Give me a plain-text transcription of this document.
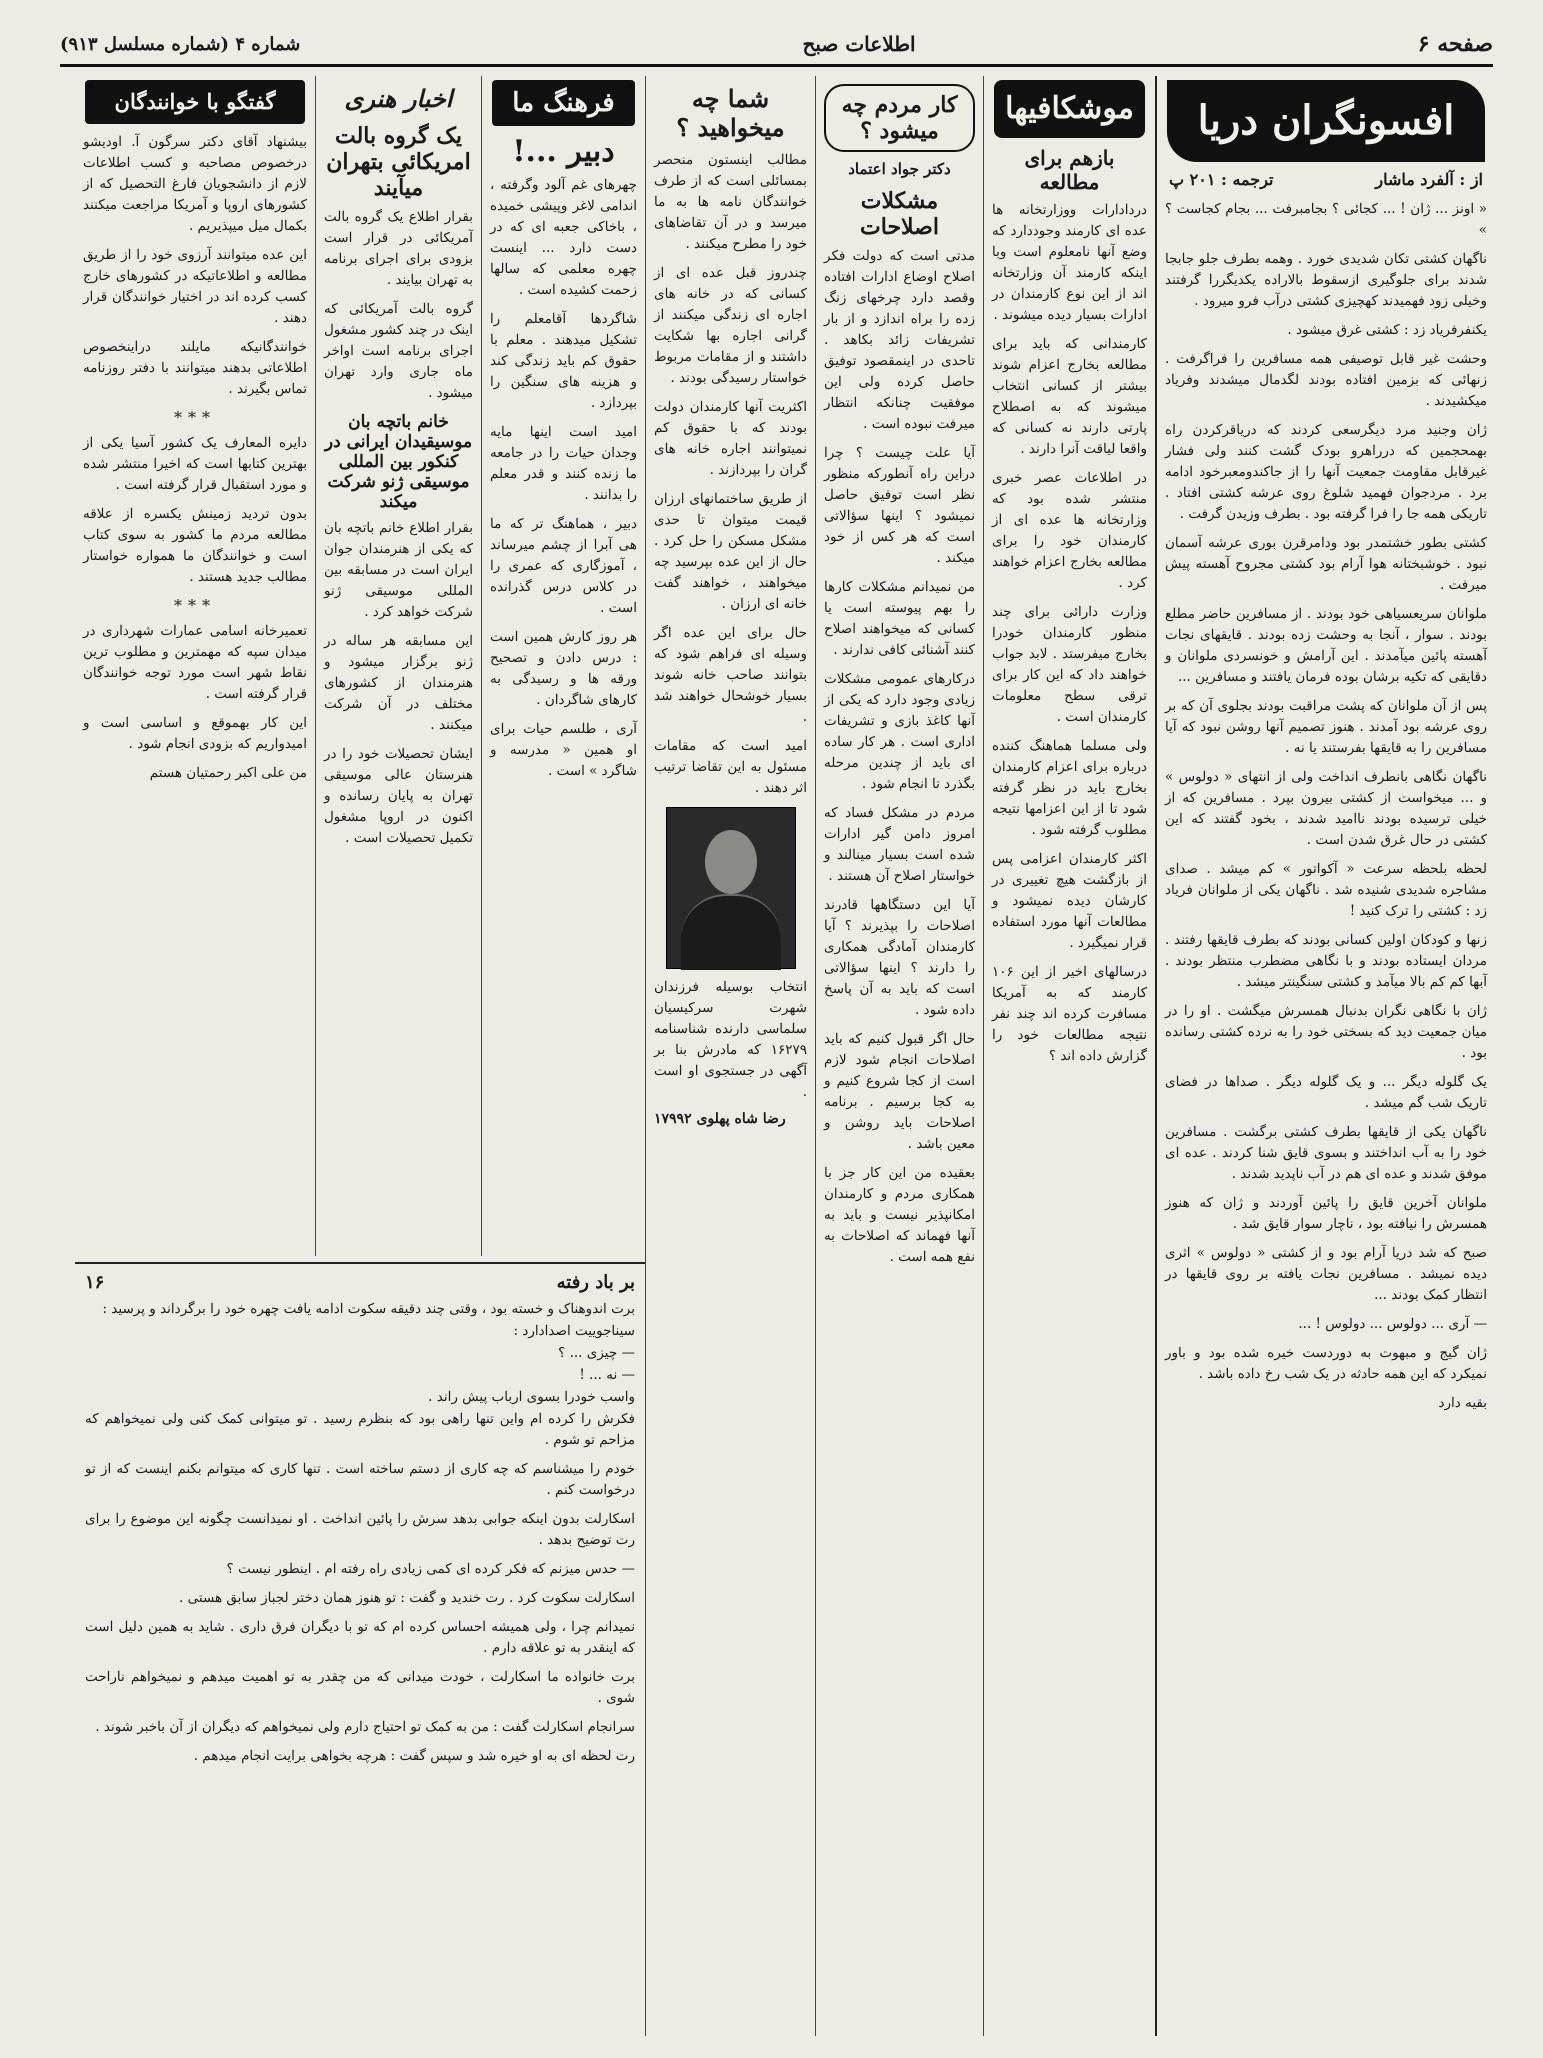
صفحه ۶
اطلاعات صبح
شماره ۴ (شماره مسلسل ۹۱۳)
افسونگران دریا
از : آلفرد ماشار
ترجمه : ۲۰۱ پ

« اونز ... ژان ! ... کجائی ؟ بجامبرفت ... بجام کجاست ؟ »

ناگهان کشتی تکان شدیدی خورد . وهمه بطرف جلو جابجا شدند برای جلوگیری ازسقوط بالاراده یکدیگررا گرفتند وخیلی زود فهمیدند کهچیزی کشتی درآب فرو میرود .

یکنفرفریاد زد : کشتی غرق میشود .

وحشت غیر قابل توصیفی همه مسافرین را فراگرفت . زنهائی که بزمین افتاده بودند لگدمال میشدند وفریاد میکشیدند .

ژان وجنید مرد دیگرسعی کردند که دریاقرکردن راه بهمحجمین که درراهرو بودک گشت کنند ولی فشار غیرقابل مقاومت جمعیت آنها را از جاکندومعبرخود ادامه برد . مردجوان فهمید شلوغ روی عرشه کشتی افتاد . تاریکی همه جا را فرا گرفته بود . بطرف وزیدن گرفت .

کشتی بطور خشتمدر بود ودامرقرن بوری عرشه آسمان نبود . خوشبختانه هوا آرام بود کشتی مجروح آهسته پیش میرفت .

ملوانان سریعسیاهی خود بودند . از مسافرین حاضر مطلع بودند . سوار ، آنجا به وحشت زده بودند . قایقهای نجات آهسته پائین میآمدند . این آرامش و خونسردی ملوانان و دقایقی که تکیه برشان بوده فرمان یافتند و مسافرین ...

پس از آن ملوانان که پشت مراقبت بودند بجلوی آن که بر روی عرشه بود آمدند . هنوز تصمیم آنها روشن نبود که آیا مسافرین را به قایقها بفرستند یا نه .

ناگهان نگاهی بانطرف انداخت ولی از انتهای « دولوس » و ... میخواست از کشتی بیرون بپرد . مسافرین که از خیلی ترسیده بودند ناامید شدند ، بخود گفتند که این کشتی در حال غرق شدن است .

لحظه بلحظه سرعت « آکواتور » کم میشد . صدای مشاجره شدیدی شنیده شد . ناگهان یکی از ملوانان فریاد زد : کشتی را ترک کنید !

زنها و کودکان اولین کسانی بودند که بطرف قایقها رفتند . مردان ایستاده بودند و با نگاهی مضطرب منتظر بودند . آبها کم کم بالا میآمد و کشتی سنگینتر میشد .

ژان با نگاهی نگران بدنبال همسرش میگشت . او را در میان جمعیت دید که بسختی خود را به نرده کشتی رسانده بود .

یک گلوله دیگر ... و یک گلوله دیگر . صداها در فضای تاریک شب گم میشد .

ناگهان یکی از قایقها بطرف کشتی برگشت . مسافرین خود را به آب انداختند و بسوی قایق شنا کردند . عده ای موفق شدند و عده ای هم در آب ناپدید شدند .

ملوانان آخرین قایق را پائین آوردند و ژان که هنوز همسرش را نیافته بود ، ناچار سوار قایق شد .

صبح که شد دریا آرام بود و از کشتی « دولوس » اثری دیده نمیشد . مسافرین نجات یافته بر روی قایقها در انتظار کمک بودند ...

— آری ... دولوس ... دولوس ! ...

ژان گیج و مبهوت به دوردست خیره شده بود و باور نمیکرد که این همه حادثه در یک شب رخ داده باشد .

بقیه دارد

موشکافیها
بازهم برای مطالعه

دردادارات ووزارتخانه ها عده ای کارمند وجوددارد که وضع آنها نامعلوم است وبا اینکه کارمند آن وزارتخانه اند از این نوع کارمندان در ادارات بسیار دیده میشوند .

کارمندانی که باید برای مطالعه بخارج اعزام شوند بیشتر از کسانی انتخاب میشوند که به اصطلاح پارتی دارند نه کسانی که واقعا لیاقت آنرا دارند .

در اطلاعات عصر خبری منتشر شده بود که وزارتخانه ها عده ای از کارمندان خود را برای مطالعه بخارج اعزام خواهند کرد .

وزارت دارائی برای چند منظور کارمندان خودرا بخارج میفرستد . لابد جواب خواهند داد که این کار برای ترقی سطح معلومات کارمندان است .

ولی مسلما هماهنگ کننده درباره برای اعزام کارمندان بخارج باید در نظر گرفته شود تا از این اعزامها نتیجه مطلوب گرفته شود .

اکثر کارمندان اعزامی پس از بازگشت هیچ تغییری در کارشان دیده نمیشود و مطالعات آنها مورد استفاده قرار نمیگیرد .

درسالهای اخیر از این ۱۰۶ کارمند که به آمریکا مسافرت کرده اند چند نفر نتیجه مطالعات خود را گزارش داده اند ؟

کار مردم چه میشود ؟
دکتر جواد اعتماد
مشکلات اصلاحات

مدتی است که دولت فکر اصلاح اوضاع ادارات افتاده وقصد دارد چرخهای زنگ زده را براه اندازد و از بار تشریفات زائد بکاهد . تاحدی در اینمقصود توفیق حاصل کرده ولی این موفقیت چنانکه انتظار میرفت نبوده است .

آیا علت چیست ؟ چرا دراین راه آنطورکه منظور نظر است توفیق حاصل نمیشود ؟ اینها سؤالاتی است که هر کس از خود میکند .

من نمیدانم مشکلات کارها را بهم پیوسته است یا کسانی که میخواهند اصلاح کنند آشنائی کافی ندارند .

درکارهای عمومی مشکلات زیادی وجود دارد که یکی از آنها کاغذ بازی و تشریفات اداری است . هر کار ساده ای باید از چندین مرحله بگذرد تا انجام شود .

مردم در مشکل فساد که امروز دامن گیر ادارات شده است بسیار مینالند و خواستار اصلاح آن هستند .

آیا این دستگاهها قادرند اصلاحات را بپذیرند ؟ آیا کارمندان آمادگی همکاری را دارند ؟ اینها سؤالاتی است که باید به آن پاسخ داده شود .

حال اگر قبول کنیم که باید اصلاحات انجام شود لازم است از کجا شروع کنیم و به کجا برسیم . برنامه اصلاحات باید روشن و معین باشد .

بعقیده من این کار جز با همکاری مردم و کارمندان امکانپذیر نیست و باید به آنها فهماند که اصلاحات به نفع همه است .

شما چه میخواهید ؟

مطالب اینستون منحصر بمسائلی است که از طرف خوانندگان نامه ها به ما میرسد و در آن تقاضاهای خود را مطرح میکنند .

چندروز قبل عده ای از کسانی که در خانه های اجاره ای زندگی میکنند از گرانی اجاره بها شکایت داشتند و از مقامات مربوط خواستار رسیدگی بودند .

اکثریت آنها کارمندان دولت بودند که با حقوق کم نمیتوانند اجاره خانه های گران را بپردازند .

از طریق ساختمانهای ارزان قیمت میتوان تا حدی مشکل مسکن را حل کرد . حال از این عده بپرسید چه میخواهند ، خواهند گفت خانه ای ارزان .

حال برای این عده اگر وسیله ای فراهم شود که بتوانند صاحب خانه شوند بسیار خوشحال خواهند شد .

امید است که مقامات مسئول به این تقاضا ترتیب اثر دهند .

انتخاب بوسیله فرزندان شهرت سرکیسیان سلماسی دارنده شناسنامه ۱۶۲۷۹ که مادرش بنا بر آگهی در جستجوی او است .

رضا شاه پهلوی ۱۷۹۹۲
فرهنگ ما
دبیر ...!

چهرهای غم آلود وگرفته ، اندامی لاغر وپیشی خمیده ، باخاکی جعبه ای که در دست دارد ... اینست چهره معلمی که سالها زحمت کشیده است .

شاگردها آقامعلم را تشکیل میدهند . معلم با حقوق کم باید زندگی کند و هزینه های سنگین را بپردازد .

امید است اینها مایه وجدان حیات را در جامعه ما زنده کنند و قدر معلم را بدانند .

دبیر ، هماهنگ تر که ما هی آبرا از چشم میرساند ، آموزگاری که عمری را در کلاس درس گذرانده است .

هر روز کارش همین است : درس دادن و تصحیح ورقه ها و رسیدگی به کارهای شاگردان .

آری ، طلسم حیات برای او همین « مدرسه و شاگرد » است .

اخبار هنری
یک گروه بالت امریکائی بتهران میآیند

بقرار اطلاع یک گروه بالت آمریکائی در قرار است بزودی برای اجرای برنامه به تهران بیایند .

گروه بالت آمریکائی که اینک در چند کشور مشغول اجرای برنامه است اواخر ماه جاری وارد تهران میشود .

خانم باتچه بان موسیقیدان ایرانی در کنکور بین المللی موسیقی ژنو شرکت میکند

بقرار اطلاع خانم باتچه بان که یکی از هنرمندان جوان ایران است در مسابقه بین المللی موسیقی ژنو شرکت خواهد کرد .

این مسابقه هر ساله در ژنو برگزار میشود و هنرمندان از کشورهای مختلف در آن شرکت میکنند .

ایشان تحصیلات خود را در هنرستان عالی موسیقی تهران به پایان رسانده و اکنون در اروپا مشغول تکمیل تحصیلات است .

گفتگو با خوانندگان

بیشنهاد آقای دکتر سرگون آ. اودیشو درخصوص مصاحبه و کسب اطلاعات لازم از دانشجویان فارغ التحصیل که از کشورهای اروپا و آمریکا مراجعت میکنند بکمال میل میپذیریم .

این عده میتوانند آرزوی خود را از طریق مطالعه و اطلاعاتیکه در کشورهای خارج کسب کرده اند در اختیار خوانندگان قرار دهند .

خوانندگانیکه مایلند دراینخصوص اطلاعاتی بدهند میتوانند با دفتر روزنامه تماس بگیرند .

***

دایره المعارف یک کشور آسیا یکی از بهترین کتابها است که اخیرا منتشر شده و مورد استقبال قرار گرفته است .

بدون تردید زمینش یکسره از علاقه مطالعه مردم ما کشور به سوی کتاب است و خوانندگان ما همواره خواستار مطالب جدید هستند .

***

تعمیرخانه اسامی عمارات شهرداری در میدان سپه که مهمترین و مطلوب ترین نقاط شهر است مورد توجه خوانندگان قرار گرفته است .

این کار بهموقع و اساسی است و امیدواریم که بزودی انجام شود .

من علی اکبر رحمتیان هستم

بر باد رفته
۱۶
برت اندوهناک و خسته بود ، وقتی چند دقیقه سکوت ادامه یافت چهره خود را برگرداند و پرسید :
سیناجوییت اصدادارد :
— چیزی ... ؟
— نه ... !
واسب خودرا بسوی ارباب پیش راند .

فکرش را کرده ام واین تنها راهی بود که بنظرم رسید . تو میتوانی کمک کنی ولی نمیخواهم که مزاحم تو شوم .

خودم را میشناسم که چه کاری از دستم ساخته است . تنها کاری که میتوانم بکنم اینست که از تو درخواست کنم .

اسکارلت بدون اینکه جوابی بدهد سرش را پائین انداخت . او نمیدانست چگونه این موضوع را برای رت توضیح بدهد .

— حدس میزنم که فکر کرده ای کمی زیادی راه رفته ام . اینطور نیست ؟

اسکارلت سکوت کرد . رت خندید و گفت : تو هنوز همان دختر لجباز سابق هستی .

نمیدانم چرا ، ولی همیشه احساس کرده ام که تو با دیگران فرق داری . شاید به همین دلیل است که اینقدر به تو علاقه دارم .

برت خانواده ما اسکارلت ، خودت میدانی که من چقدر به تو اهمیت میدهم و نمیخواهم ناراحت شوی .

سرانجام اسکارلت گفت : من به کمک تو احتیاج دارم ولی نمیخواهم که دیگران از آن باخبر شوند .

رت لحظه ای به او خیره شد و سپس گفت : هرچه بخواهی برایت انجام میدهم .
